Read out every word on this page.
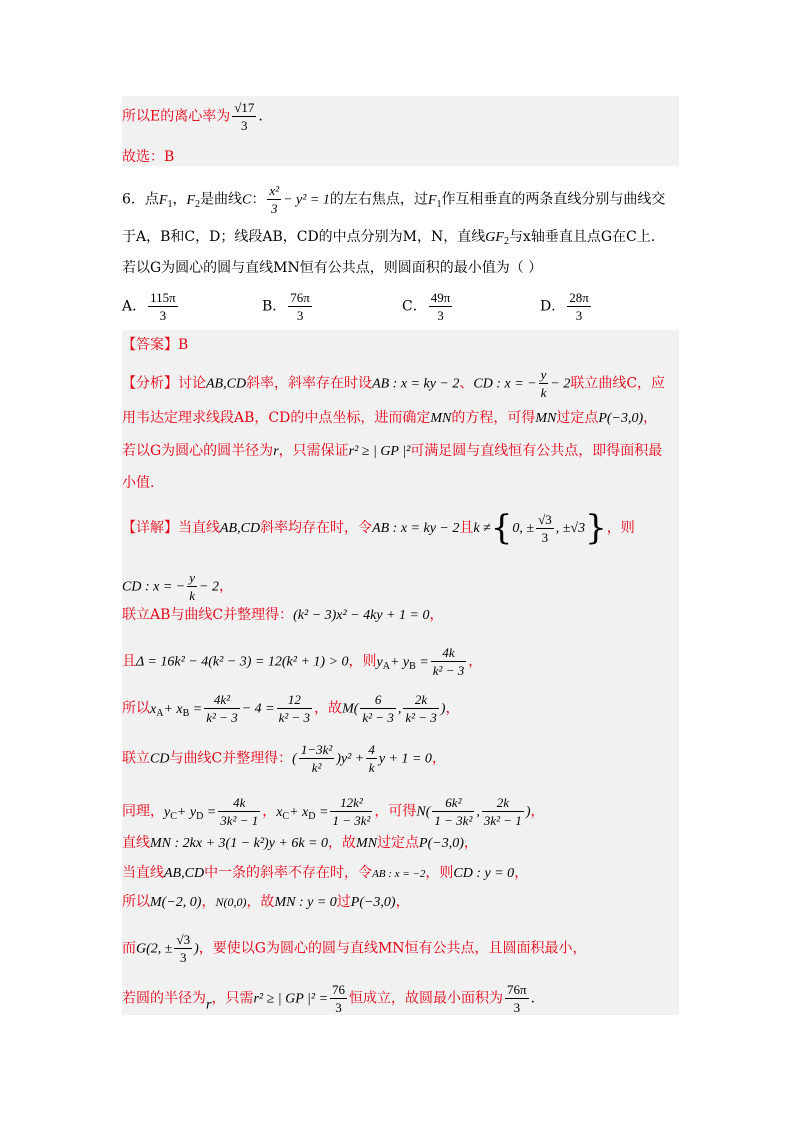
所以E的离心率为 $\frac{√17}{3}$ .
故选：B
6．点$F_1$，$F_2$是曲线C： $\frac{\text{x²}}{3} - y^2 = 1$的左右焦点，过$F_1$作互相垂直的两条直线分别与曲线交
于A，B和C，D；线段AB，CD的中点分别为M，N，直线$GF_2$与x轴垂直且点G在C上.
若以G为圆心的圆与直线MN恒有公共点，则圆面积的最小值为（ ）
A． $\frac{115\pi}{3}$	B． $\frac{76\pi}{3}$	C． $\frac{49\pi}{3}$	D． $\frac{28\pi}{3}$
【答案】B
【分析】讨论AB,CD斜率，斜率存在时设AB : x = ky − 2、CD : x = − $\frac{y}{k} - 2$联立曲线C，应
用韦达定理求线段AB，CD的中点坐标，进而确定MN的方程，可得MN过定点P(−3,0)，
若以G为圆心的圆半径为r，只需保证r² ≥ | GP |²可满足圆与直线恒有公共点，即得面积最
小值.
【详解】当直线AB,CD斜率均存在时，令AB : x = ky − 2且k ≠{0, ± $\frac{√3}{3}$ , ±√3}，则
CD : x = − $\frac{y}{k} - 2$，
联立AB与曲线C并整理得：(k² − 3)x² − 4ky + 1 = 0，
且Δ = 16k² − 4(k² − 3) = 12(k² + 1) > 0，则$y_A+ y_B = \frac{4k}{\text{k² − 3}}$ ，
所以$x_A+ x_B = \frac{\text{4k²}}{\text{k² − 3}} - 4 = \frac{12}{\text{k² − 3}}$ ，故$M( \frac{6}{\text{k² − 3}}$ , $\frac{2k}{\text{k² − 3}}$ )，
联立CD与曲线C并整理得：( $\frac{\text{1−3k²}}{\text{k²}} )y^2 + \frac{4}{k}$ y + 1 = 0，
同理，$y_C+ y_D = \frac{4k}{\text{3k² − 1}}$ ，$x_C+ x_D = \frac{\text{12k²}}{\text{1 − 3k²}}$ ，可得$N( \frac{\text{6k²}}{\text{1 − 3k²}}$ , $\frac{2k}{\text{3k² − 1}}$ )，
直线MN : 2kx + 3(1 − k²)y + 6k = 0，故MN过定点P(−3,0)，
当直线AB,CD中一条的斜率不存在时，令AB : x = −2，则CD : y = 0，
所以M(−2, 0)，N(0,0)，故MN : y = 0过P(−3,0)，
而G(2, ± $\frac{√3}{3}$ )，要使以G为圆心的圆与直线MN恒有公共点，且圆面积最小，
若圆的半径为r，只需r² ≥ | GP $|^2 = \frac{76}{3}$ 恒成立，故圆最小面积为 $\frac{76\pi}{3}$ .
